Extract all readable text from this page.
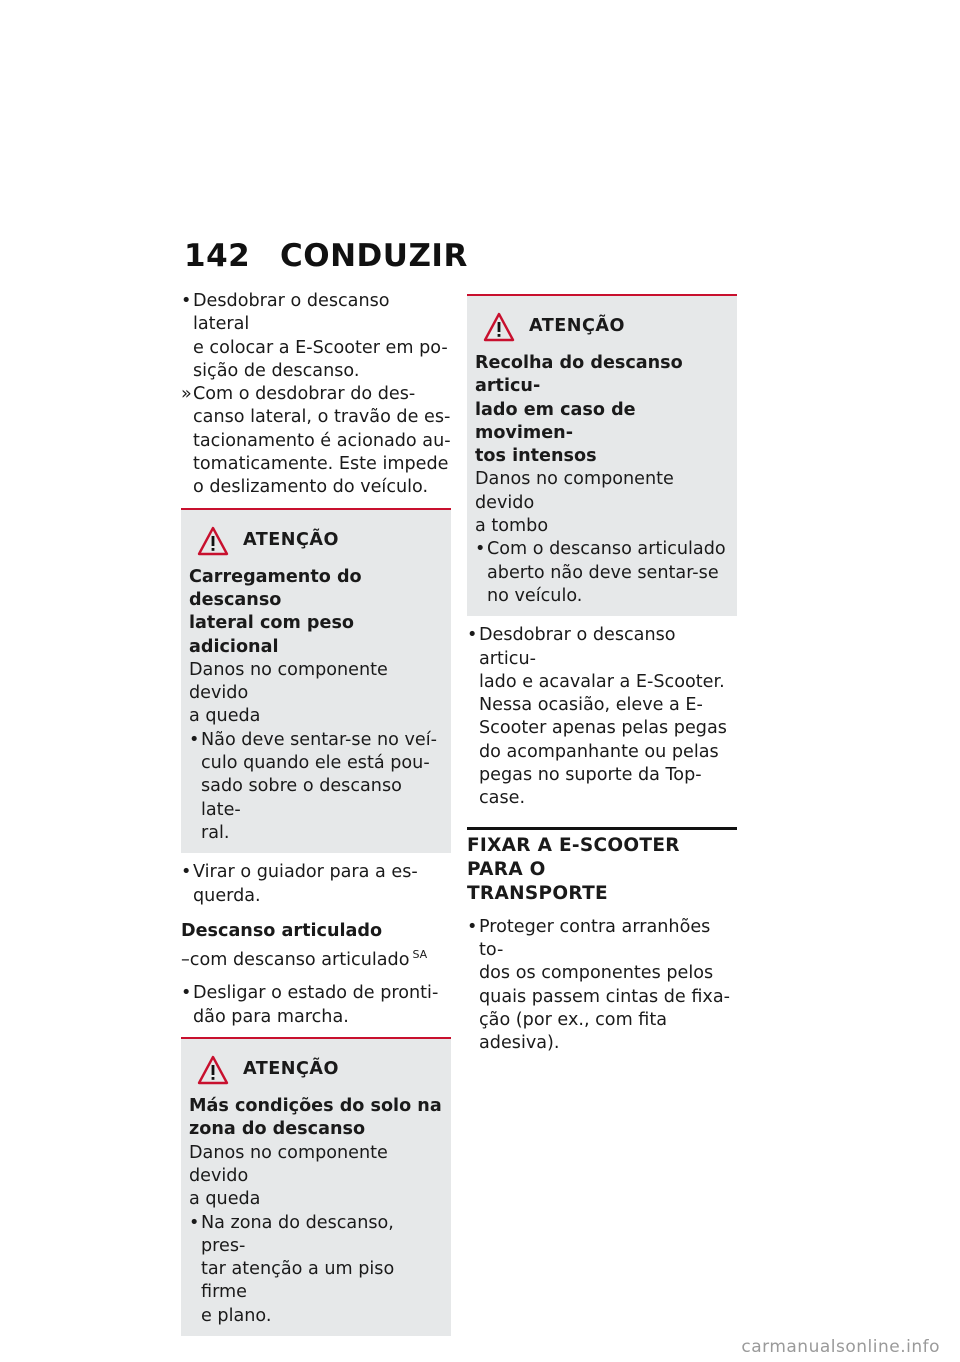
142 CONDUZIR
• Desdobrar o descanso lateral
e colocar a E-Scooter em po-
sição de descanso.
» Com o desdobrar do des-
canso lateral, o travão de es-
tacionamento é acionado au-
tomaticamente. Este impede
o deslizamento do veículo.
ATENÇÃO
Carregamento do descanso
lateral com peso adicional
Danos no componente devido
a queda
• Não deve sentar-se no veí-
culo quando ele está pou-
sado sobre o descanso late-
ral.
• Virar o guiador para a es-
querda.
Descanso articulado
–com descanso articulado $^{SA}$
• Desligar o estado de pronti-
dão para marcha.
ATENÇÃO
Más condições do solo na
zona do descanso
Danos no componente devido
a queda
• Na zona do descanso, pres-
tar atenção a um piso firme
e plano.
ATENÇÃO
Recolha do descanso articu-
lado em caso de movimen-
tos intensos
Danos no componente devido
a tombo
• Com o descanso articulado
aberto não deve sentar-se
no veículo.
• Desdobrar o descanso articu-
lado e acavalar a E-Scooter.
Nessa ocasião, eleve a E-
Scooter apenas pelas pegas
do acompanhante ou pelas
pegas no suporte da Top-
case.
FIXAR A E-SCOOTER PARA O
TRANSPORTE
• Proteger contra arranhões to-
dos os componentes pelos
quais passem cintas de fixa-
ção (por ex., com fita adesiva).
carmanualsonline.info
